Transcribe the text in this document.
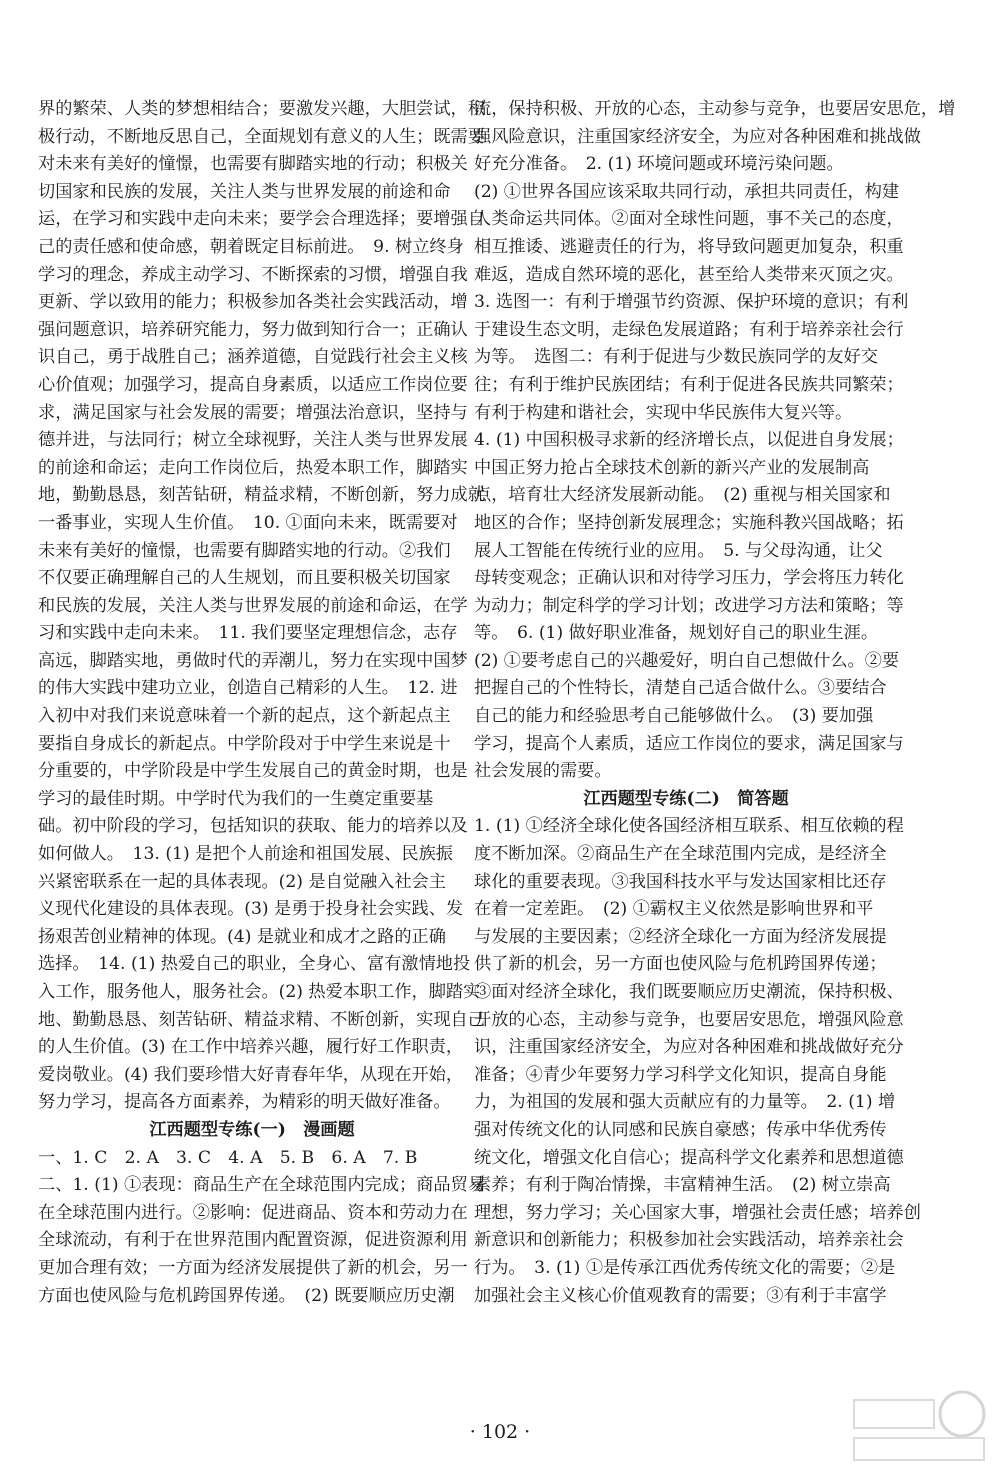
界的繁荣、人类的梦想相结合；要激发兴趣，大胆尝试，积
极行动，不断地反思自己，全面规划有意义的人生；既需要
对未来有美好的憧憬，也需要有脚踏实地的行动；积极关
切国家和民族的发展，关注人类与世界发展的前途和命
运，在学习和实践中走向未来；要学会合理选择；要增强自
己的责任感和使命感，朝着既定目标前进。　9. 树立终身
学习的理念，养成主动学习、不断探索的习惯，增强自我
更新、学以致用的能力；积极参加各类社会实践活动，增
强问题意识，培养研究能力，努力做到知行合一；正确认
识自己，勇于战胜自己；涵养道德，自觉践行社会主义核
心价值观；加强学习，提高自身素质，以适应工作岗位要
求，满足国家与社会发展的需要；增强法治意识，坚持与
德并进，与法同行；树立全球视野，关注人类与世界发展
的前途和命运；走向工作岗位后，热爱本职工作，脚踏实
地，勤勤恳恳，刻苦钻研，精益求精，不断创新，努力成就
一番事业，实现人生价值。　10. ①面向未来，既需要对
未来有美好的憧憬，也需要有脚踏实地的行动。②我们
不仅要正确理解自己的人生规划，而且要积极关切国家
和民族的发展，关注人类与世界发展的前途和命运，在学
习和实践中走向未来。　11. 我们要坚定理想信念，志存
高远，脚踏实地，勇做时代的弄潮儿，努力在实现中国梦
的伟大实践中建功立业，创造自己精彩的人生。　12. 进
入初中对我们来说意味着一个新的起点，这个新起点主
要指自身成长的新起点。中学阶段对于中学生来说是十
分重要的，中学阶段是中学生发展自己的黄金时期，也是
学习的最佳时期。中学时代为我们的一生奠定重要基
础。初中阶段的学习，包括知识的获取、能力的培养以及
如何做人。　13. (1) 是把个人前途和祖国发展、民族振
兴紧密联系在一起的具体表现。(2) 是自觉融入社会主
义现代化建设的具体表现。(3) 是勇于投身社会实践、发
扬艰苦创业精神的体现。(4) 是就业和成才之路的正确
选择。　14. (1) 热爱自己的职业，全身心、富有激情地投
入工作，服务他人，服务社会。(2) 热爱本职工作，脚踏实
地、勤勤恳恳、刻苦钻研、精益求精、不断创新，实现自己
的人生价值。(3) 在工作中培养兴趣，履行好工作职责，
爱岗敬业。(4) 我们要珍惜大好青春年华，从现在开始，
努力学习，提高各方面素养，为精彩的明天做好准备。
江西题型专练(一)　漫画题
一、1. C　2. A　3. C　4. A　5. B　6. A　7. B
二、1. (1) ①表现：商品生产在全球范围内完成；商品贸易
在全球范围内进行。②影响：促进商品、资本和劳动力在
全球流动，有利于在世界范围内配置资源，促进资源利用
更加合理有效；一方面为经济发展提供了新的机会，另一
方面也使风险与危机跨国界传递。　(2) 既要顺应历史潮
流，保持积极、开放的心态，主动参与竞争，也要居安思危，增
强风险意识，注重国家经济安全，为应对各种困难和挑战做
好充分准备。　2. (1) 环境问题或环境污染问题。
(2) ①世界各国应该采取共同行动，承担共同责任，构建
人类命运共同体。②面对全球性问题，事不关己的态度，
相互推诿、逃避责任的行为，将导致问题更加复杂，积重
难返，造成自然环境的恶化，甚至给人类带来灭顶之灾。
3. 选图一：有利于增强节约资源、保护环境的意识；有利
于建设生态文明，走绿色发展道路；有利于培养亲社会行
为等。　选图二：有利于促进与少数民族同学的友好交
往；有利于维护民族团结；有利于促进各民族共同繁荣；
有利于构建和谐社会，实现中华民族伟大复兴等。
4. (1) 中国积极寻求新的经济增长点，以促进自身发展；
中国正努力抢占全球技术创新的新兴产业的发展制高
点，培育壮大经济发展新动能。　(2) 重视与相关国家和
地区的合作；坚持创新发展理念；实施科教兴国战略；拓
展人工智能在传统行业的应用。　5. 与父母沟通，让父
母转变观念；正确认识和对待学习压力，学会将压力转化
为动力；制定科学的学习计划；改进学习方法和策略；等
等。　6. (1) 做好职业准备，规划好自己的职业生涯。
(2) ①要考虑自己的兴趣爱好，明白自己想做什么。②要
把握自己的个性特长，清楚自己适合做什么。③要结合
自己的能力和经验思考自己能够做什么。　(3) 要加强
学习，提高个人素质，适应工作岗位的要求，满足国家与
社会发展的需要。
江西题型专练(二)　简答题
1. (1) ①经济全球化使各国经济相互联系、相互依赖的程
度不断加深。②商品生产在全球范围内完成，是经济全
球化的重要表现。③我国科技水平与发达国家相比还存
在着一定差距。　(2) ①霸权主义依然是影响世界和平
与发展的主要因素；②经济全球化一方面为经济发展提
供了新的机会，另一方面也使风险与危机跨国界传递；
③面对经济全球化，我们既要顺应历史潮流，保持积极、
开放的心态，主动参与竞争，也要居安思危，增强风险意
识，注重国家经济安全，为应对各种困难和挑战做好充分
准备；④青少年要努力学习科学文化知识，提高自身能
力，为祖国的发展和强大贡献应有的力量等。　2. (1) 增
强对传统文化的认同感和民族自豪感；传承中华优秀传
统文化，增强文化自信心；提高科学文化素养和思想道德
素养；有利于陶冶情操，丰富精神生活。　(2) 树立崇高
理想，努力学习；关心国家大事，增强社会责任感；培养创
新意识和创新能力；积极参加社会实践活动，培养亲社会
行为。　3. (1) ①是传承江西优秀传统文化的需要；②是
加强社会主义核心价值观教育的需要；③有利于丰富学
· 102 ·
